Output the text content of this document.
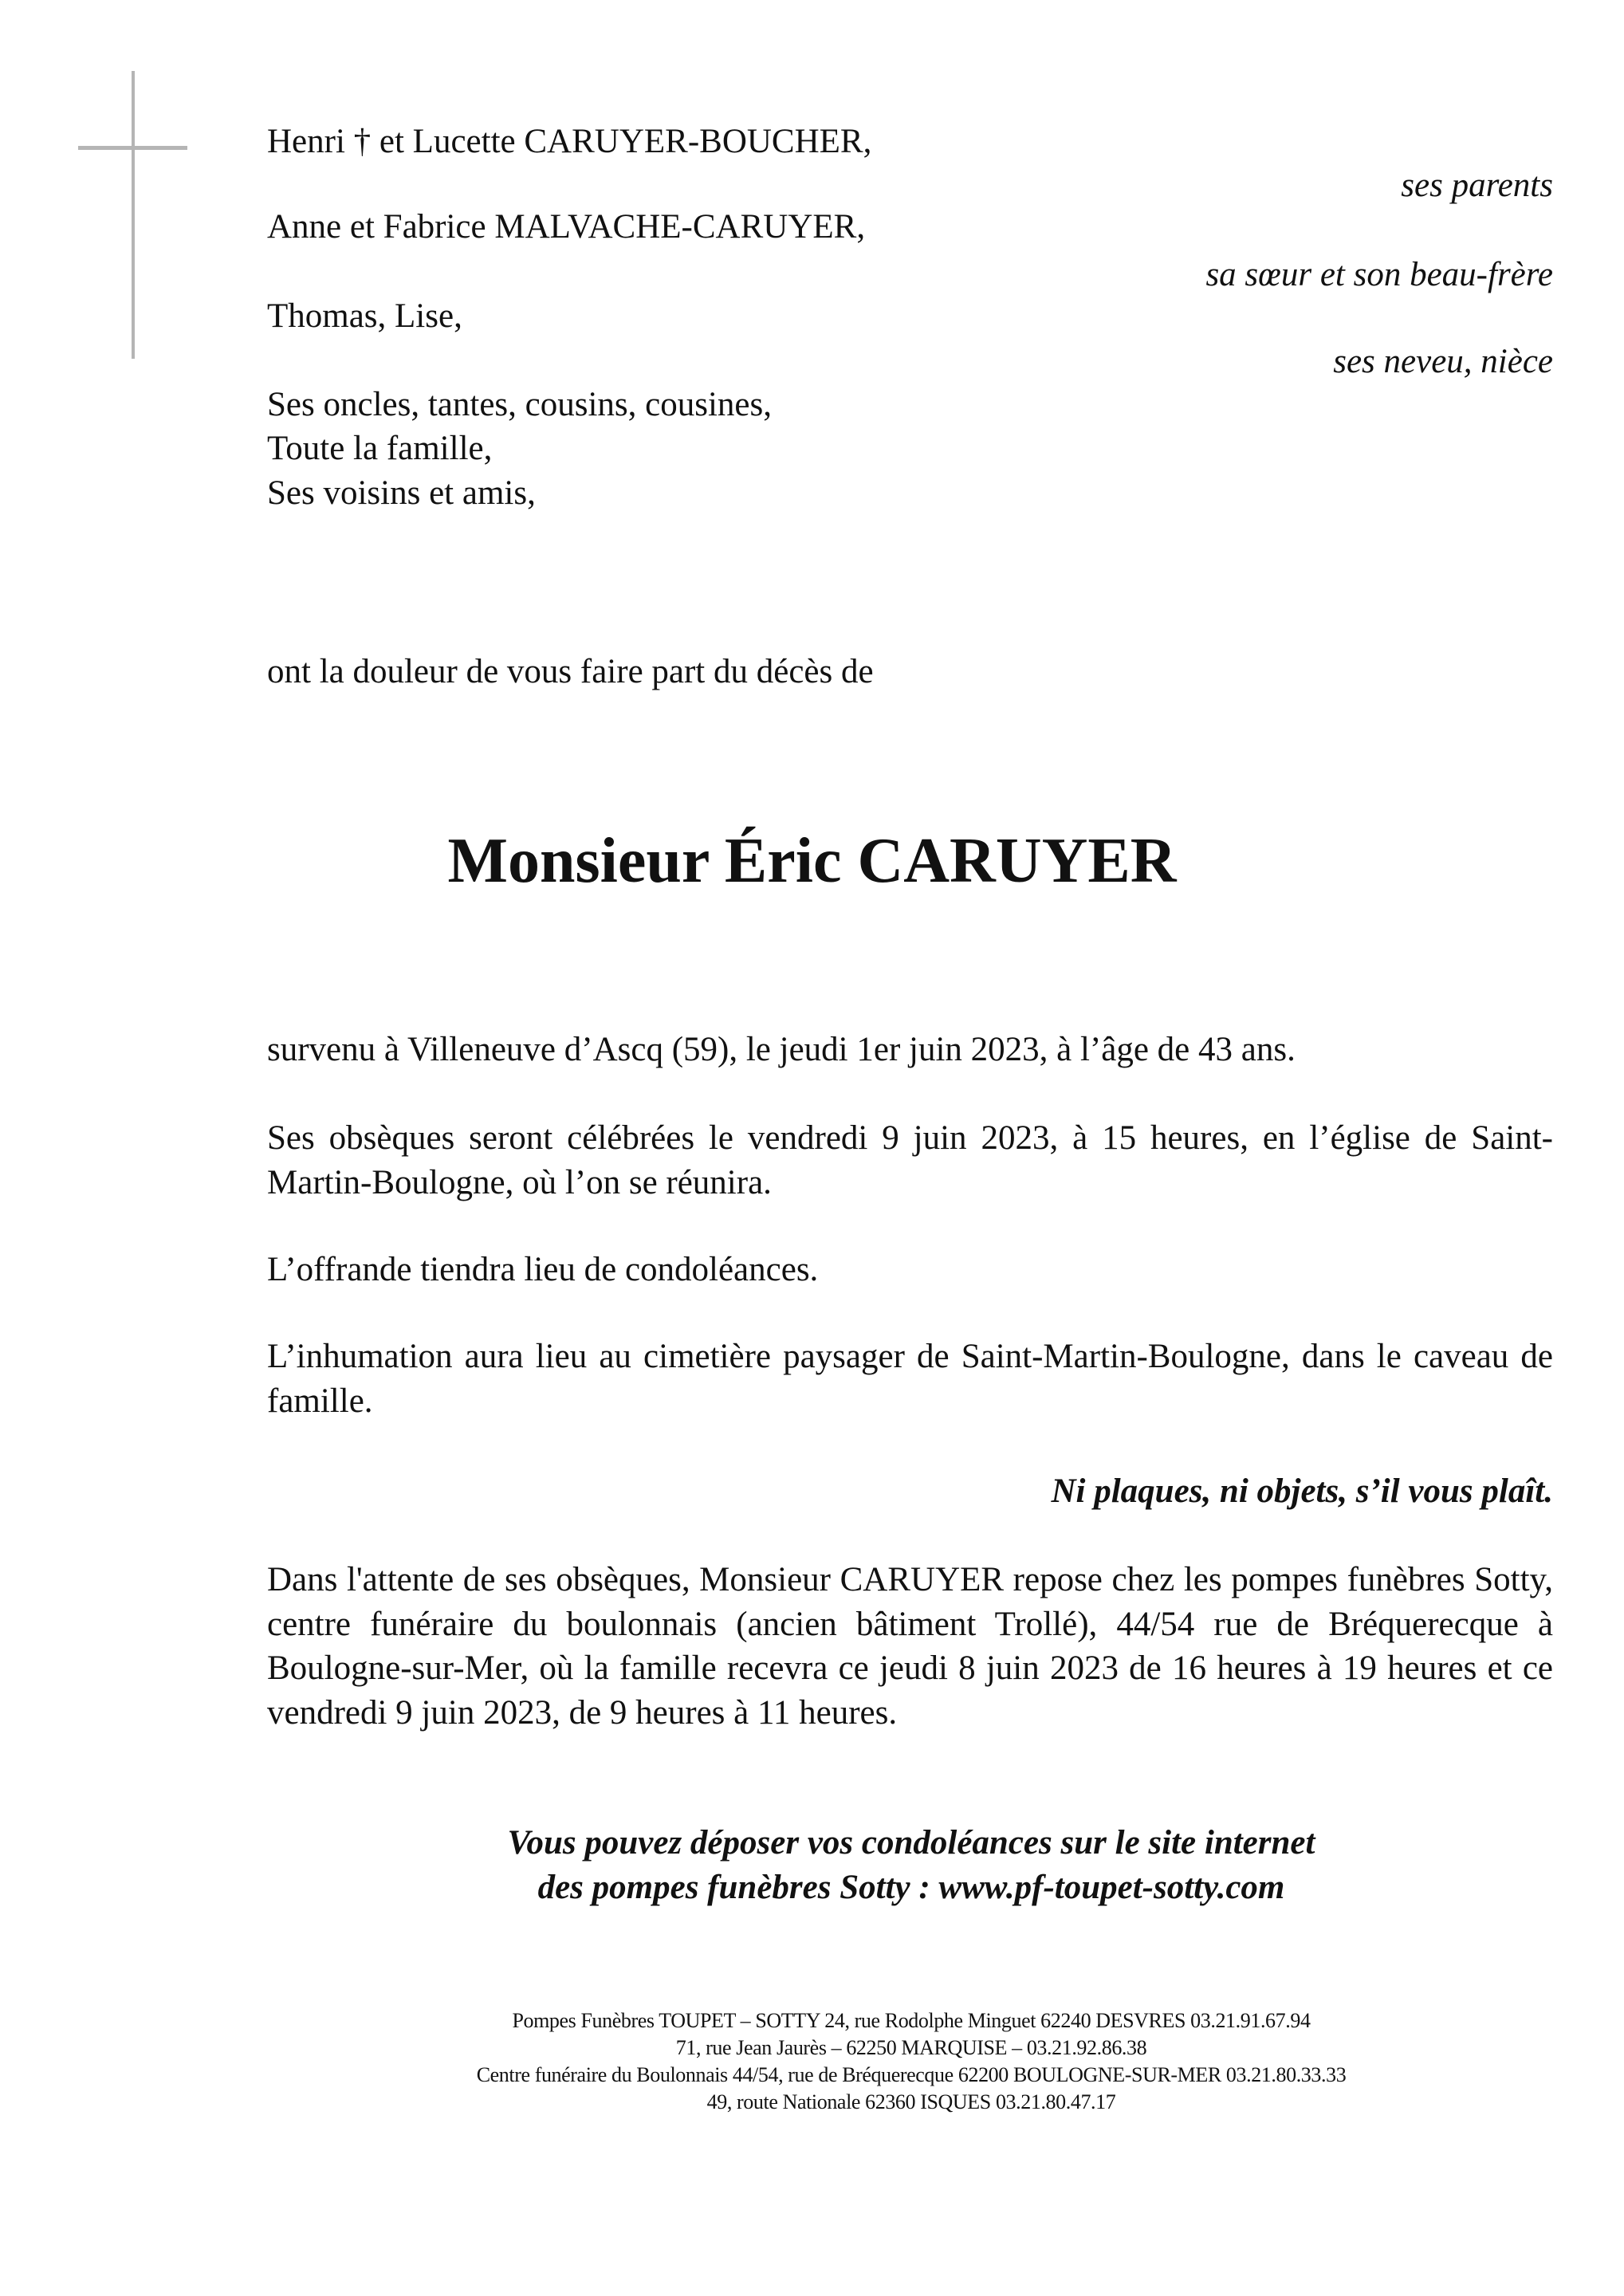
Henri † et Lucette CARUYER-BOUCHER,
ses parents
Anne et Fabrice MALVACHE-CARUYER,
sa sœur et son beau-frère
Thomas, Lise,
ses neveu, nièce
Ses oncles, tantes, cousins, cousines,
Toute la famille,
Ses voisins et amis,
ont la douleur de vous faire part du décès de
Monsieur Éric CARUYER
survenu à Villeneuve d’Ascq (59), le jeudi 1er juin 2023, à l’âge de 43 ans.
Ses obsèques seront célébrées le vendredi 9 juin 2023, à 15 heures, en l’église de Saint-Martin-Boulogne, où l’on se réunira.
L’offrande tiendra lieu de condoléances.
L’inhumation aura lieu au cimetière paysager de Saint-Martin-Boulogne, dans le caveau de famille.
Ni plaques, ni objets, s’il vous plaît.
Dans l'attente de ses obsèques, Monsieur CARUYER repose chez les pompes funèbres Sotty, centre funéraire du boulonnais (ancien bâtiment Trollé), 44/54 rue de Bréquerecque à Boulogne-sur-Mer, où la famille recevra ce jeudi 8 juin 2023 de 16 heures à 19 heures et ce vendredi 9 juin 2023, de 9 heures à 11 heures.
Vous pouvez déposer vos condoléances sur le site internet
des pompes funèbres Sotty : www.pf-toupet-sotty.com
Pompes Funèbres TOUPET – SOTTY 24, rue Rodolphe Minguet 62240 DESVRES 03.21.91.67.94
71, rue Jean Jaurès – 62250 MARQUISE – 03.21.92.86.38
Centre funéraire du Boulonnais 44/54, rue de Bréquerecque 62200 BOULOGNE-SUR-MER 03.21.80.33.33
49, route Nationale 62360 ISQUES 03.21.80.47.17
